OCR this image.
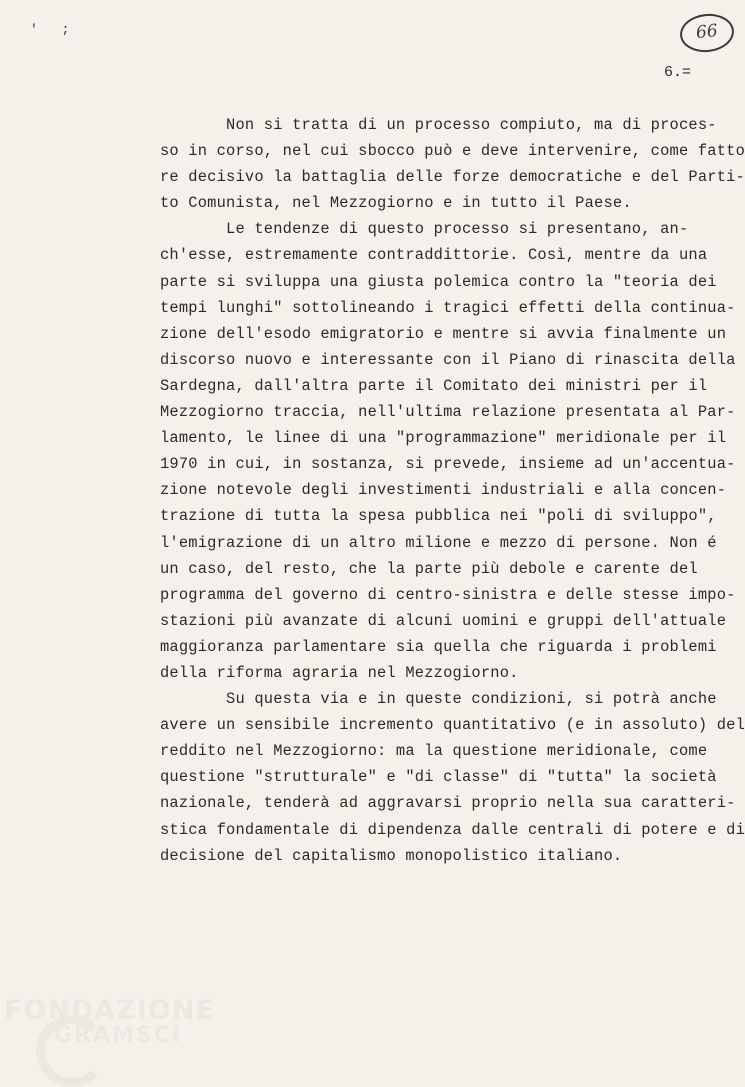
' ;	66
6.=
Non si tratta di un processo compiuto, ma di proces-
so in corso, nel cui sbocco può e deve intervenire, come fatto
re decisivo la battaglia delle forze democratiche e del Parti-
to Comunista, nel Mezzogiorno e in tutto il Paese.
Le tendenze di questo processo si presentano, an-
ch'esse, estremamente contraddittorie. Così, mentre da una
parte si sviluppa una giusta polemica contro la "teoria dei
tempi lunghi" sottolineando i tragici effetti della continua-
zione dell'esodo emigratorio e mentre si avvia finalmente un
discorso nuovo e interessante con il Piano di rinascita della
Sardegna, dall'altra parte il Comitato dei ministri per il
Mezzogiorno traccia, nell'ultima relazione presentata al Par-
lamento, le linee di una "programmazione" meridionale per il
1970 in cui, in sostanza, si prevede, insieme ad un'accentua-
zione notevole degli investimenti industriali e alla concen-
trazione di tutta la spesa pubblica nei "poli di sviluppo",
l'emigrazione di un altro milione e mezzo di persone. Non é
un caso, del resto, che la parte più debole e carente del
programma del governo di centro-sinistra e delle stesse impo-
stazioni più avanzate di alcuni uomini e gruppi dell'attuale
maggioranza parlamentare sia quella che riguarda i problemi
della riforma agraria nel Mezzogiorno.
Su questa via e in queste condizioni, si potrà anche
avere un sensibile incremento quantitativo (e in assoluto) del
reddito nel Mezzogiorno: ma la questione meridionale, come
questione "strutturale" e "di classe" di "tutta" la società
nazionale, tenderà ad aggravarsi proprio nella sua caratteri-
stica fondamentale di dipendenza dalle centrali di potere e di
decisione del capitalismo monopolistico italiano.
FONDAZIONE
GRAMSCI
